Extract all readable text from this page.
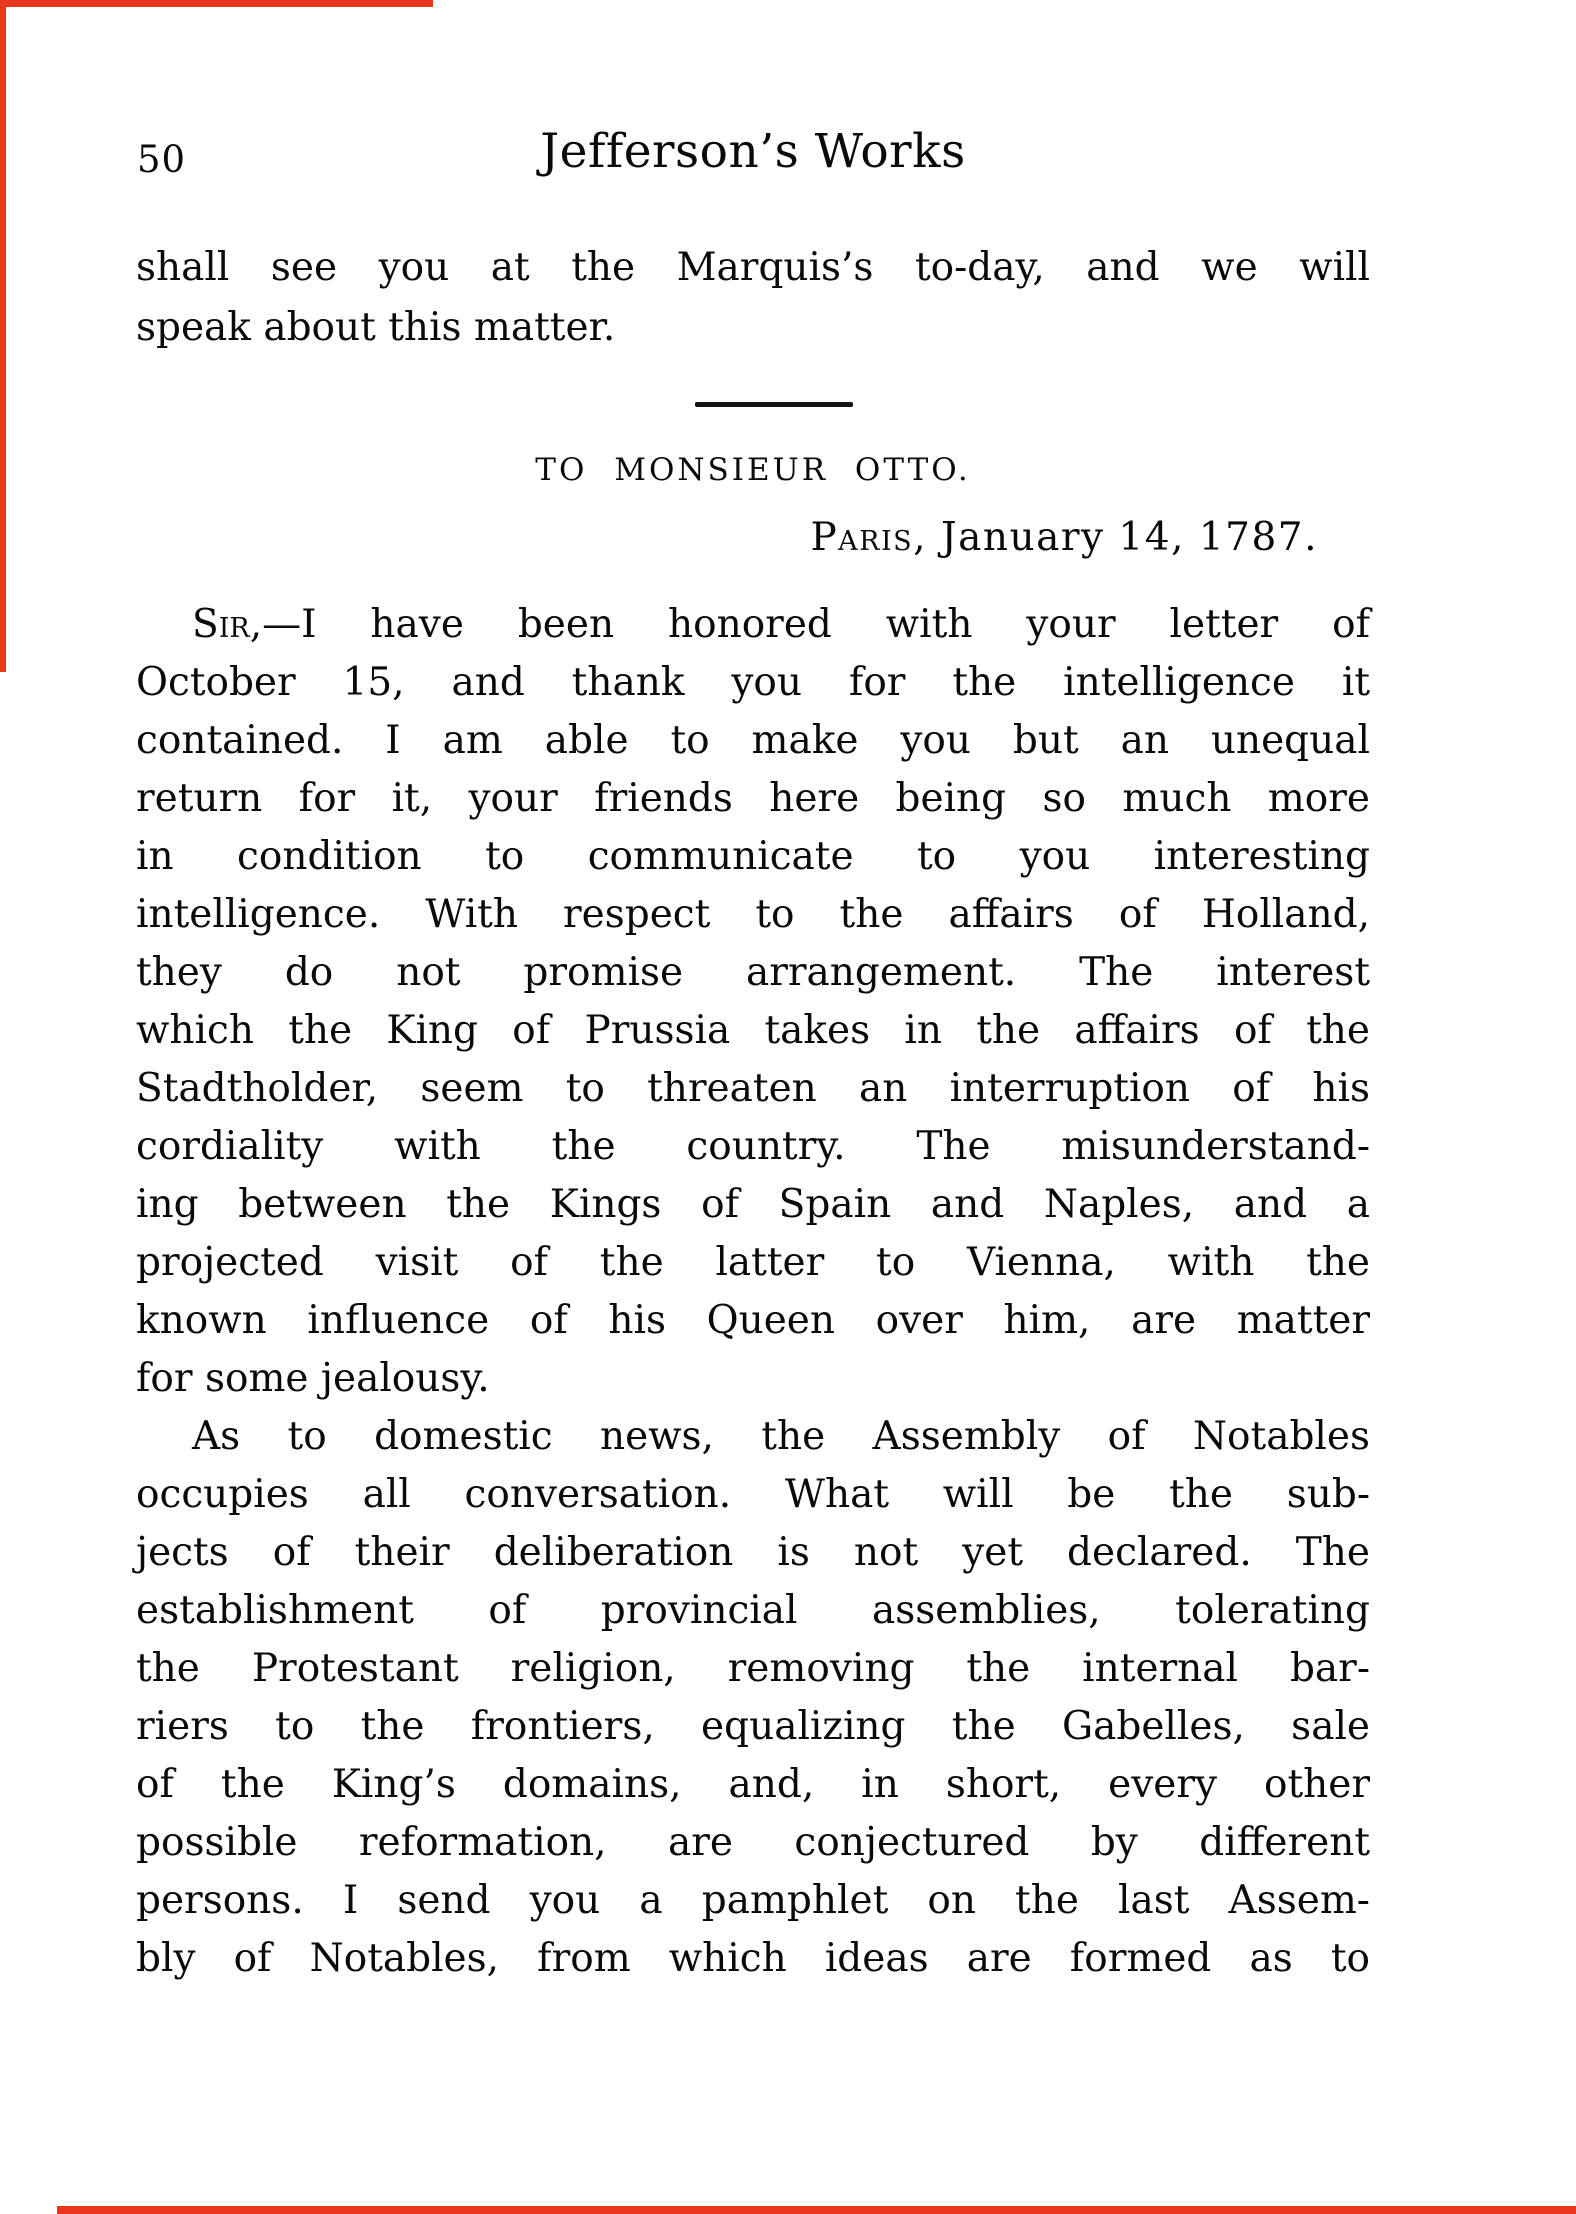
50	Jefferson’s Works
shall see you at the Marquis’s to-day, and we will
speak about this matter.
TO MONSIEUR OTTO.
Paris, January 14, 1787.
Sir,—I have been honored with your letter of
October 15, and thank you for the intelligence it
contained. I am able to make you but an unequal
return for it, your friends here being so much more
in condition to communicate to you interesting
intelligence. With respect to the affairs of Holland,
they do not promise arrangement. The interest
which the King of Prussia takes in the affairs of the
Stadtholder, seem to threaten an interruption of his
cordiality with the country. The misunderstand-
ing between the Kings of Spain and Naples, and a
projected visit of the latter to Vienna, with the
known influence of his Queen over him, are matter
for some jealousy.
As to domestic news, the Assembly of Notables
occupies all conversation. What will be the sub-
jects of their deliberation is not yet declared. The
establishment of provincial assemblies, tolerating
the Protestant religion, removing the internal bar-
riers to the frontiers, equalizing the Gabelles, sale
of the King’s domains, and, in short, every other
possible reformation, are conjectured by different
persons. I send you a pamphlet on the last Assem-
bly of Notables, from which ideas are formed as to
